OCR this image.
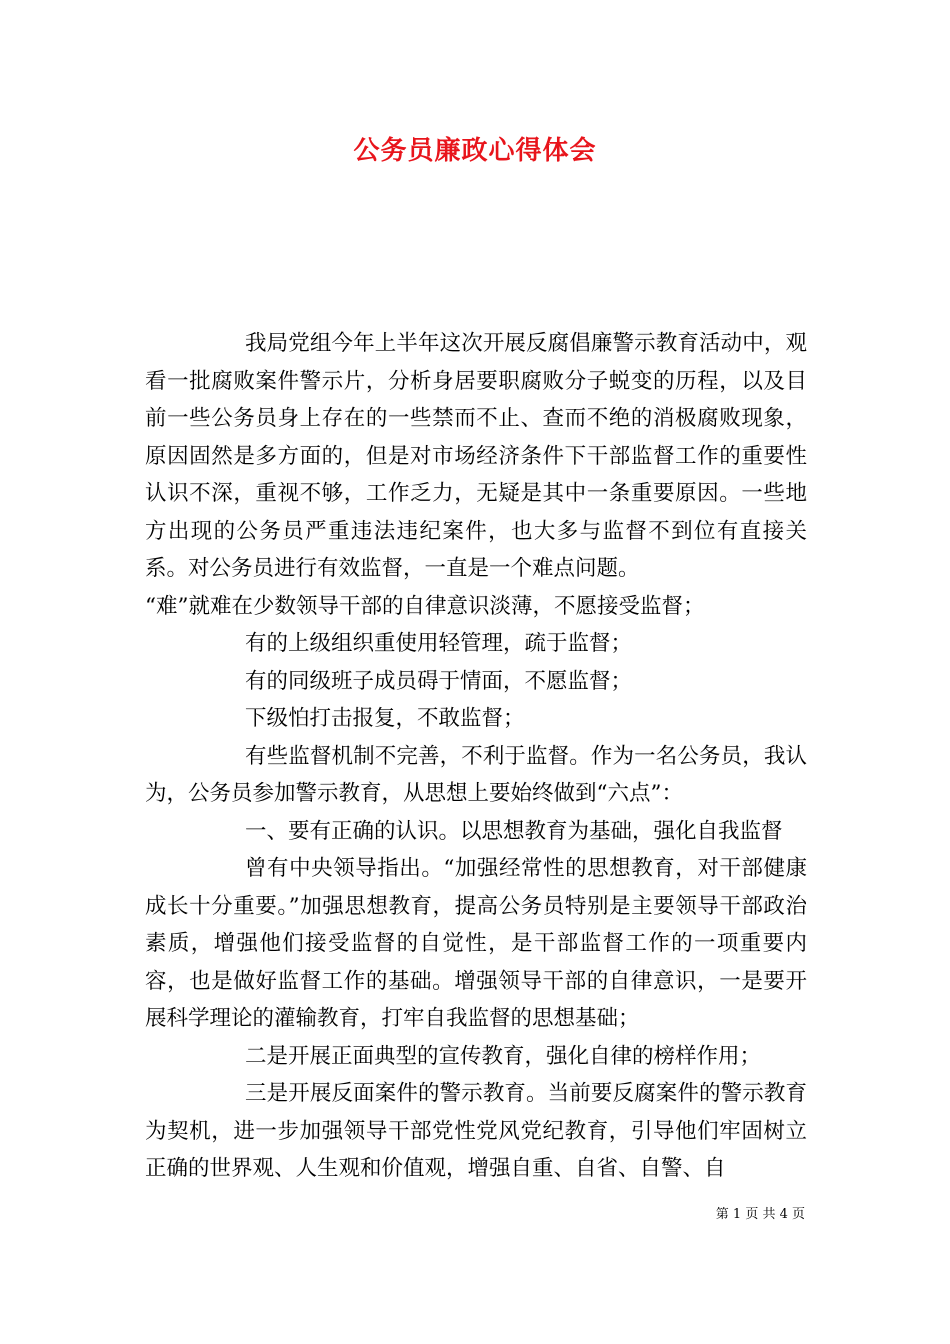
公务员廉政心得体会

我局党组今年上半年这次开展反腐倡廉警示教育活动中，观看一批腐败案件警示片，分析身居要职腐败分子蜕变的历程，以及目前一些公务员身上存在的一些禁而不止、查而不绝的消极腐败现象，原因固然是多方面的，但是对市场经济条件下干部监督工作的重要性认识不深，重视不够，工作乏力，无疑是其中一条重要原因。一些地方出现的公务员严重违法违纪案件，也大多与监督不到位有直接关系。对公务员进行有效监督，一直是一个难点问题。

“难”就难在少数领导干部的自律意识淡薄，不愿接受监督；

有的上级组织重使用轻管理，疏于监督；

有的同级班子成员碍于情面，不愿监督；

下级怕打击报复，不敢监督；

有些监督机制不完善，不利于监督。作为一名公务员，我认为，公务员参加警示教育，从思想上要始终做到“六点”：

一、要有正确的认识。以思想教育为基础，强化自我监督

曾有中央领导指出。“加强经常性的思想教育，对干部健康成长十分重要。”加强思想教育，提高公务员特别是主要领导干部政治素质，增强他们接受监督的自觉性，是干部监督工作的一项重要内容，也是做好监督工作的基础。增强领导干部的自律意识，一是要开展科学理论的灌输教育，打牢自我监督的思想基础；

二是开展正面典型的宣传教育，强化自律的榜样作用；

三是开展反面案件的警示教育。当前要反腐案件的警示教育为契机，进一步加强领导干部党性党风党纪教育，引导他们牢固树立正确的世界观、人生观和价值观，增强自重、自省、自警、自

第 1 页 共 4 页
